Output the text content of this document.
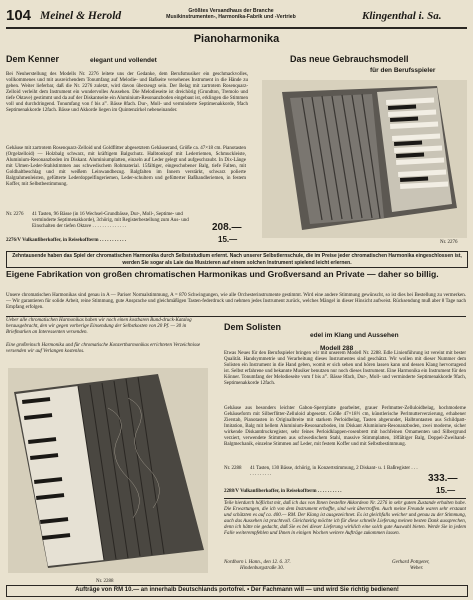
104 Meinel & Herold	Größtes Versandhaus der Branche
Musikinstrumenten-, Harmonika-Fabrik und -Vertrieb	Klingenthal i. Sa.
Pianoharmonika
Dem Kenner	elegant und vollendet	Das neue Gebrauchsmodell
für den Berufsspieler
Bei Neuherstellung des Modells Nr. 2276 leitete uns der Gedanke, dem Berufsmusiker ein geschmackvolles, vollkommenes und mit ausreichendem Tonumfang auf Melodie- und Baßseite versehenes Instrument in die Hände zu geben. Weiter lieferbar, daß die Nr. 2276 zuletzt, wird davon überzeugt sein. Der Belag mit zartrotem Rosenquarz-Zelloid verleiht dem Instrument ein wundervolles Aussehen. Die Melodieseite ist dreichörig (Grundton, Tremolo und tiefe Oktave) gestimmt und da auf der Diskantseite ein Aluminium-Resonanzboden eingebaut ist, erklingen die Stimmen voll und durchdringend. Tonumfang von f bis a'''. Bässe 8fach. Dur-, Moll- und verminderte Septimenakkorde, 9fach Septimenakkorde 12fach. Bässe und Akkorde liegen im Quintenzirkel nebeneinander.
Gehäuse mit zartrotem Rosenquarz-Zelloid und Goldflitter abgesetztem Gehäuserand, Größe ca. 47×18 cm. Pianotasten (Orgelzelloid) — Holzbalg schwarz, mit kräftigem Balgschutz. Halbtonkopf mit Lederriemen, Schmuckleiste, Aluminium-Resonanzboden im Diskant. Aluminiumplatten, einzeln auf Leder gelegt und aufgeschraubt. In Dix-Länge mit Ulmen-Leder-Stahlstimmen aus schwedischem Rohmaterial. 15fältiger, eingeschobener Balg, tiefe Falten, mit Goldhaltbeschlag und mit weißem Leinwandbezug. Balgfalten im Innern verstärkt, schwarz polierte Balgrahmenleisten, gefütterte Lederdoppelfingeriemen, Leder-schultern und gefütterter Baßhandleriemen, in festem Koffer, mit Selbstbestimmung.
Nr. 2276
Nr. 2276	41 Tasten, 96 Bässe (in 16 Wechsel-Grundbässe, Dur-, Moll-, Septime- und verminderte Septimenakkorde), 3chörig, mit Registerbestellung zum Aus- und Einschalten der tiefen Oktave . . . . . . . . . . . . . .	208.—
2276/V Vulkanfiberkoffer, in Reisekoffterm . . . . . . . . . . .	15.—
Zehntausende haben das Spiel der chromatischen Harmonika durch Selbststudium erlernt. Nach unserer Selbstlernschule, die im Preise jeder chromatischen Harmonika eingeschlossen ist, werden Sie sogar als Laie das Musizieren auf einem solchen Instrument spielend leicht erlernen.
Eigene Fabrikation von großen chromatischen Harmonikas und Großversand an Private — daher so billig.
Unsere chromatischen Harmonikas sind genau in A — Pariser Normalstimmung, A = 870 Schwingungen, wie alle Orchesterinstrumente gestimmt. Wird eine andere Stimmung gewünscht, so ist dies bei Bestellung zu vermerken. — Wir garantieren für solide Arbeit, reine Stimmung, gute Ansprache und gleichmäßigen Tasten-federdruck und nehmen jedes Instrument zurück, welches Mängel in dieser Hinsicht aufweist. Rücksendung muß aber 8 Tage nach Empfang erfolgen.
Ueber alle chromatischen Harmonikas haben wir noch einen kostbaren Bund-druck-Katalog herausgebracht, den wir gegen vorherige Einsendung der Selbstkosten von 20 Pf. — 30 in Briefmarken an Interessenten versenden.
Eine großreinsch Harmonika und für chromatische Konzertharmonikas errichteten Verzeichnisse versenden wir auf Verlangen kostenlos.
Nr. 2288
Dem Solisten
edel im Klang und Aussehen
Modell 288
Etwas Neues für den Berufsspieler bringen wir mit unserem Modell Nr. 2288. Edle Linienführung ist vereint mit bester Qualität. Handsymmetrie und Verarbeitung dieses Instrumentes sind geschätzt. Wir wollen mit dieser Nummer dem Solisten ein Instrument in die Hand geben, womit er sich sehen und hören lassen kann und dessen Klang hervorragend ist. Selbst erfahrene und bekannte Musiker benutzen nur noch dieses Instrument. Eine Harmonika ein Instrument für den Könner. Tonumfang der Melodieseite vom f bis a'''. Bässe 8fach, Dur-, Moll- und verminderte Septimenakkorde 9fach, Septimenakkorde 12fach.
Gehäuse aus besonders leichter Gabon-Sperrplatte gearbeitet, grauer Perlmutter-Zelluloidbelag, hochmoderne Gehäuseform mit Silberflitter-Zelluloid abgesetzt. Größe 47×18½ cm, künstlerische Perlmutterverzierung, erhabener Zierstab, Pianotasten in Originalbreite mit starkem Perloidbelag, Tasten abgerundet, Halbtontasten aus Schildpatt-Imitation, Balg mit hellem Aluminium-Resonanzboden, im Diskant Aluminium-Resonanzboden, zwei moderne, sicher wirkende Diskantdruckregister, sehr feines Perloidklappen-rosenbrett mit hochfeinen Ornamenten und Silbergrund verziert, verwendete Stimmen aus schwedischem Stahl, massive Stimmplatten, 18fältiger Balg, Doppel-Zweihand-Balgmechanik, einzelne Stimmen auf Leder, mit festem Koffer und mit Selbstbestimmung.
Nr. 2288	41 Tasten, 130 Bässe, 4chörig, in Konzertstimmung, 2 Diskant- u. 1 Baßregister . . . . . . . . . . . .	333.—
2288/V Vulkanfiberkoffer, in Reisekoffterm . . . . . . . . . .	15.—
Teile hierdurch höflichst mit, daß ich das von Ihnen bestellte Akkordeon Nr. 2276 in sehr gutem Zustande erhalten habe. Die Erwartungen, die ich von dem Instrument erhoffte, sind weit übertroffen. Auch meine Freunde waren sehr erstaunt und schätzten es auf ca. 400.— RM. Der Klang ist ausgezeichnet. Es ist gleichfalls weicher und genau zu der Stimmung, auch das Aussehen ist prachtvoll. Gleichzeitig möchte ich für diese schnelle Lieferung meinen besten Dank aussprechen, denn ich hätte nie gedacht, daß Sie es bei dieser Lieferung wirklich eine solch gute Auswahl bieten. Werde Sie in jedem Falle weiterempfehlen und Ihnen in einigen Wochen weitere Aufträge zukommen lassen.
Nordhorn i. Hann., den 12. 6. 37.
Hindenburgstraße 30.
Gerhard Pottgeter,
Weber.
Aufträge von RM 10.— an innerhalb Deutschlands portofrei. • Der Fachmann will — und wird Sie richtig bedienen!
